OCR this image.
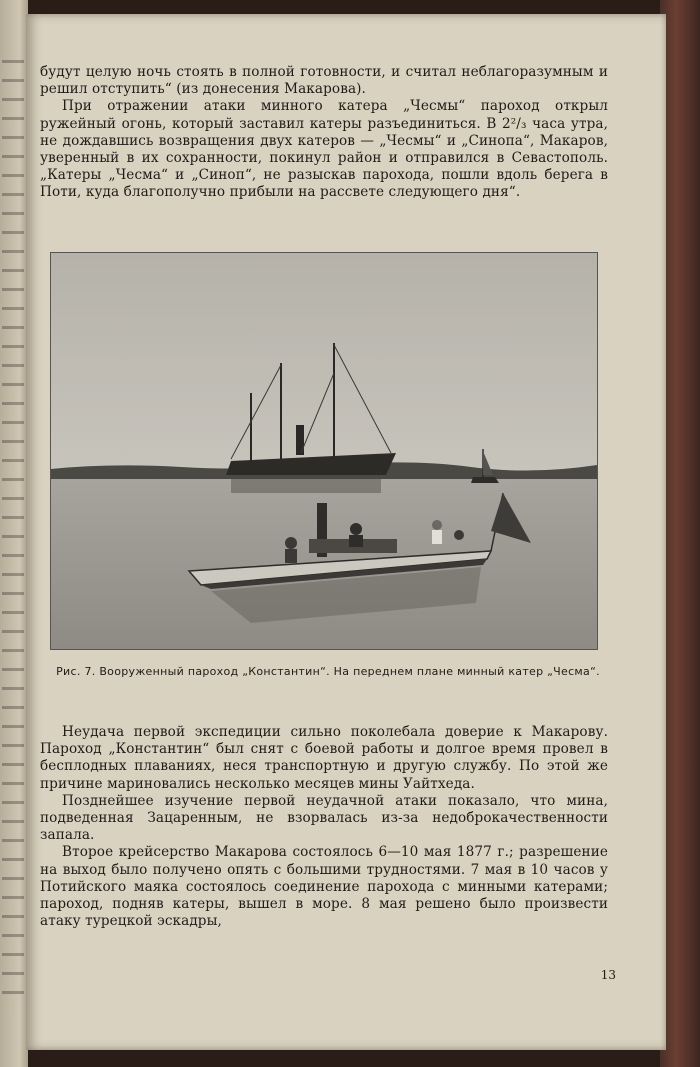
будут целую ночь стоять в полной готовности, и считал неблагоразумным и решил отступить“ (из донесения Макарова).

При отражении атаки минного катера „Чесмы“ пароход открыл ружейный огонь, который заставил катеры разъединиться. В 2²/₃ часа утра, не дождавшись возвращения двух катеров — „Чесмы“ и „Синопа“, Макаров, уверенный в их сохранности, покинул район и отправился в Севастополь. „Катеры „Чесма“ и „Синоп“, не разыскав парохода, пошли вдоль берега в Поти, куда благополучно прибыли на рассвете следующего дня“.

Рис. 7. Вооруженный пароход „Константин“. На переднем плане минный катер „Чесма“.

Неудача первой экспедиции сильно поколебала доверие к Макарову. Пароход „Константин“ был снят с боевой работы и долгое время провел в бесплодных плаваниях, неся транспортную и другую службу. По этой же причине мариновались несколько месяцев мины Уайтхеда.

Позднейшее изучение первой неудачной атаки показало, что мина, подведенная Зацаренным, не взорвалась из-за недоброкачественности запала.

Второе крейсерство Макарова состоялось 6—10 мая 1877 г.; разрешение на выход было получено опять с большими трудностями. 7 мая в 10 часов у Потийского маяка состоялось соединение парохода с минными катерами; пароход, подняв катеры, вышел в море. 8 мая решено было произвести атаку турецкой эскадры,

13
